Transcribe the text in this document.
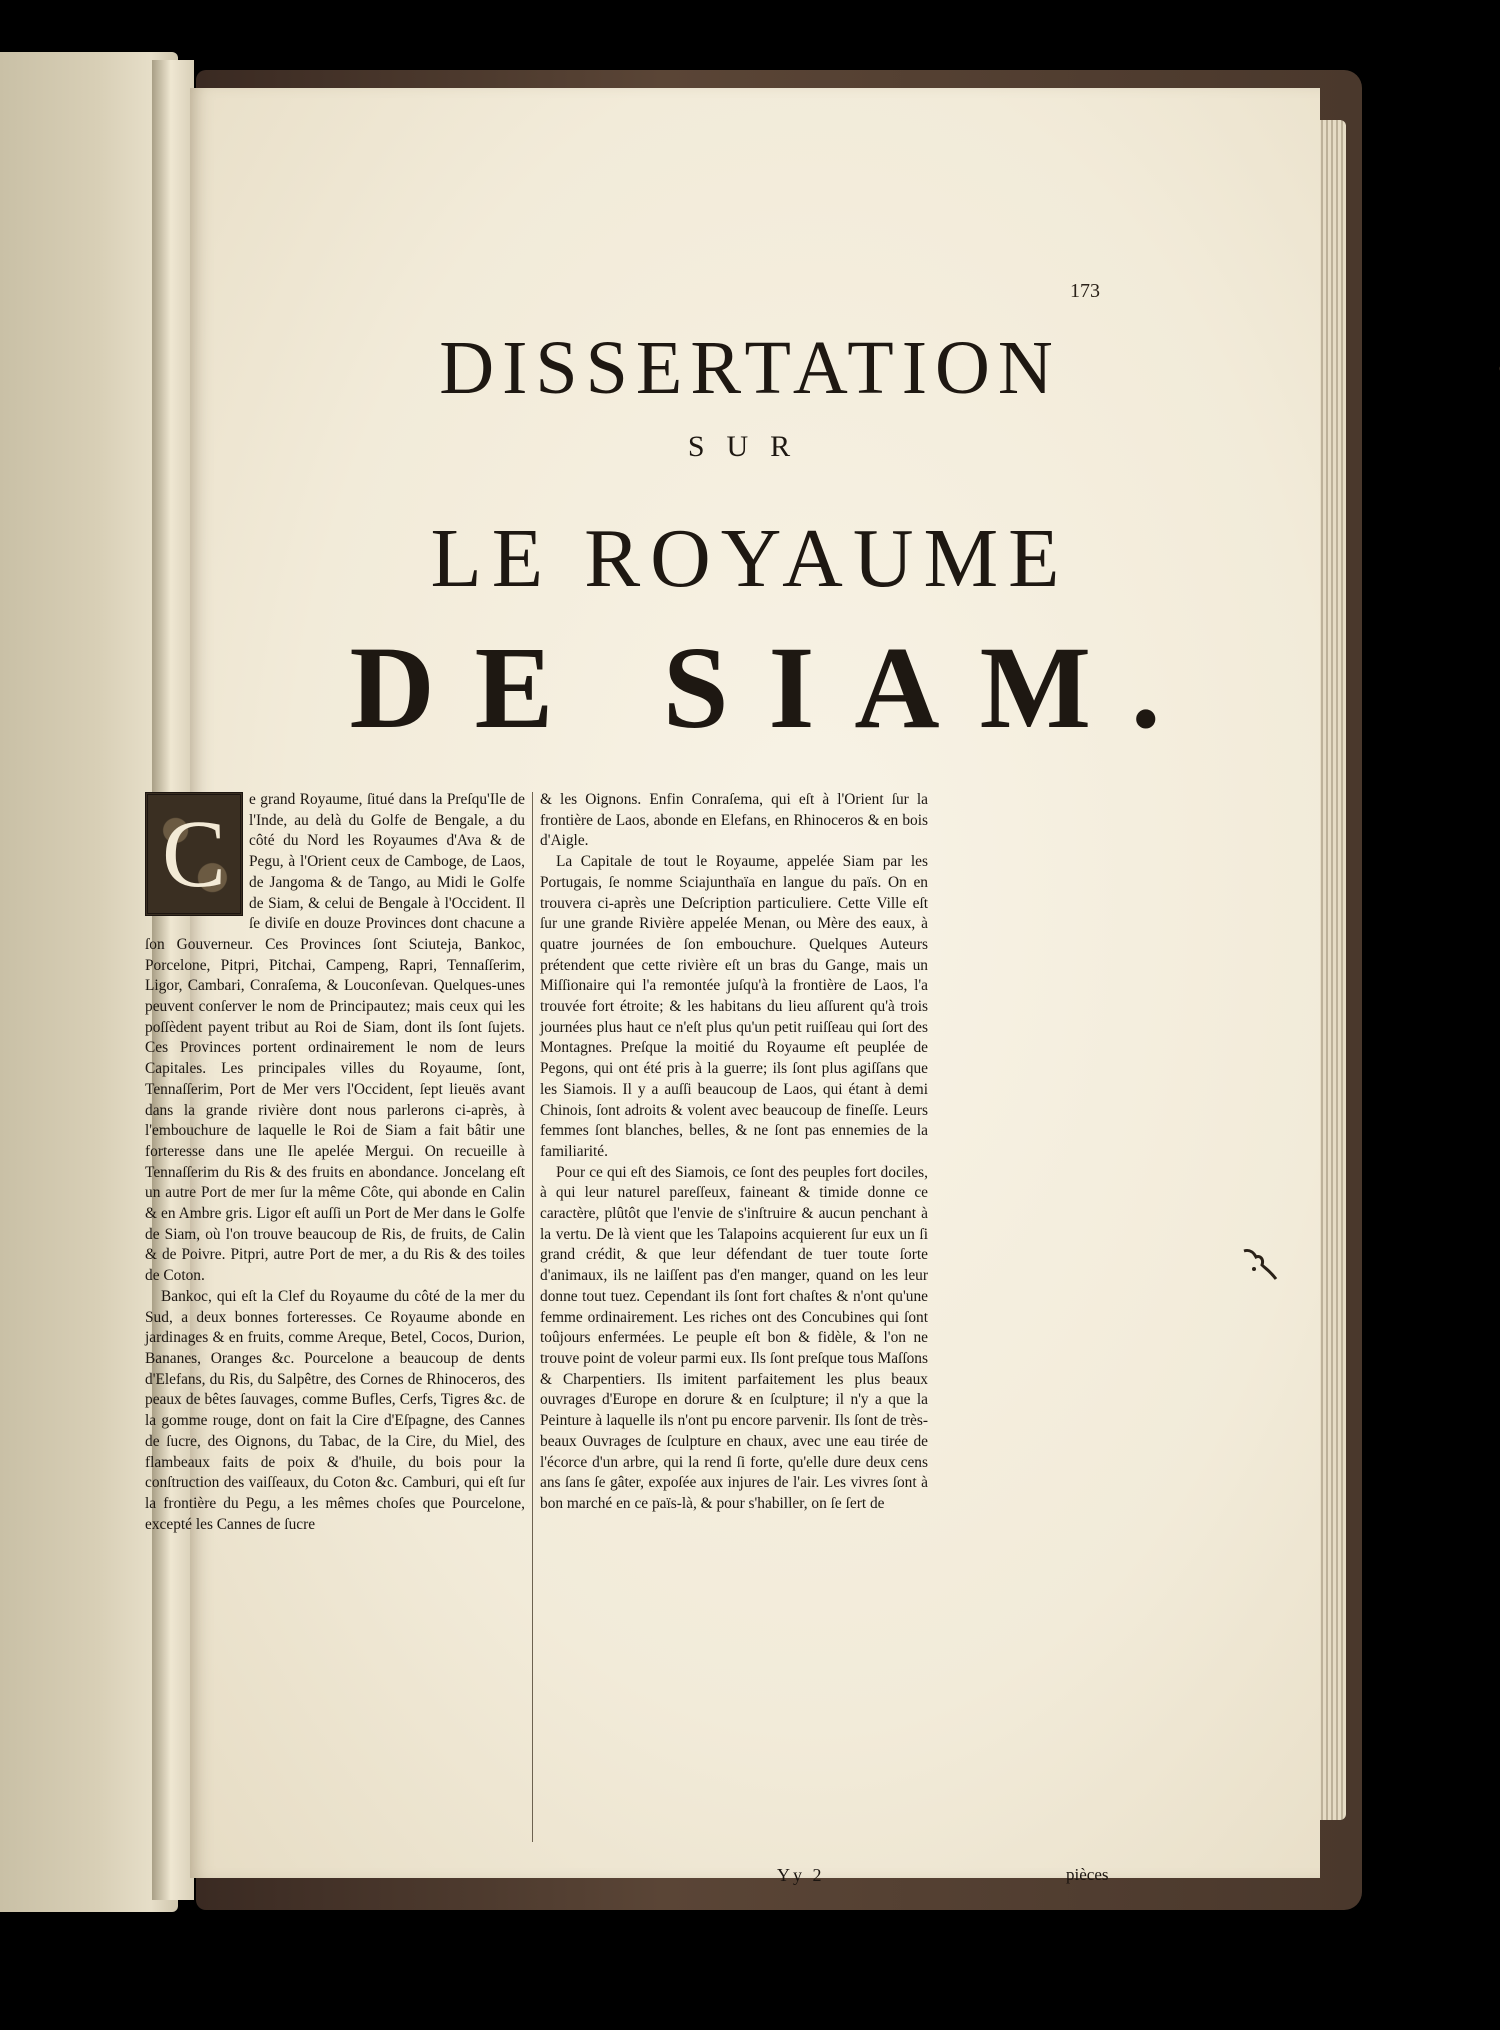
173
DISSERTATION
SUR
LE ROYAUME
DE SIAM.

C
e grand Royaume, ſitué dans la Preſqu'Ile de l'Inde, au delà du Golfe de Bengale, a du côté du Nord les Royaumes d'Ava & de Pegu, à l'Orient ceux de Camboge, de Laos, de Jangoma & de Tango, au Midi le Golfe de Siam, & celui de Bengale à l'Occident. Il ſe diviſe en douze Provinces dont chacune a ſon Gouverneur. Ces Provinces ſont Sciuteja, Bankoc, Porcelone, Pitpri, Pitchai, Campeng, Rapri, Tennaſſerim, Ligor, Cambari, Conraſema, & Louconſevan. Quelques-unes peuvent conſerver le nom de Principautez; mais ceux qui les poſſèdent payent tribut au Roi de Siam, dont ils ſont ſujets. Ces Provinces portent ordinairement le nom de leurs Capitales. Les principales villes du Royaume, ſont, Tennaſſerim, Port de Mer vers l'Occident, ſept lieuës avant dans la grande rivière dont nous parlerons ci-après, à l'embouchure de laquelle le Roi de Siam a fait bâtir une forteresse dans une Ile apelée Mergui. On recueille à Tennaſſerim du Ris & des fruits en abondance. Joncelang eſt un autre Port de mer ſur la même Côte, qui abonde en Calin & en Ambre gris. Ligor eſt auſſi un Port de Mer dans le Golfe de Siam, où l'on trouve beaucoup de Ris, de fruits, de Calin & de Poivre. Pitpri, autre Port de mer, a du Ris & des toiles de Coton.

Bankoc, qui eſt la Clef du Royaume du côté de la mer du Sud, a deux bonnes forteresses. Ce Royaume abonde en jardinages & en fruits, comme Areque, Betel, Cocos, Durion, Bananes, Oranges &c. Pourcelone a beaucoup de dents d'Elefans, du Ris, du Salpêtre, des Cornes de Rhinoceros, des peaux de bêtes ſauvages, comme Bufles, Cerfs, Tigres &c. de la gomme rouge, dont on fait la Cire d'Eſpagne, des Cannes de ſucre, des Oignons, du Tabac, de la Cire, du Miel, des flambeaux faits de poix & d'huile, du bois pour la conſtruction des vaiſſeaux, du Coton &c. Camburi, qui eſt ſur la frontière du Pegu, a les mêmes choſes que Pourcelone, excepté les Cannes de ſucre

& les Oignons. Enfin Conraſema, qui eſt à l'Orient ſur la frontière de Laos, abonde en Elefans, en Rhinoceros & en bois d'Aigle.

La Capitale de tout le Royaume, appelée Siam par les Portugais, ſe nomme Sciajunthaïa en langue du païs. On en trouvera ci-après une Deſcription particuliere. Cette Ville eſt ſur une grande Rivière appelée Menan, ou Mère des eaux, à quatre journées de ſon embouchure. Quelques Auteurs prétendent que cette rivière eſt un bras du Gange, mais un Miſſionaire qui l'a remontée juſqu'à la frontière de Laos, l'a trouvée fort étroite; & les habitans du lieu aſſurent qu'à trois journées plus haut ce n'eſt plus qu'un petit ruiſſeau qui ſort des Montagnes. Preſque la moitié du Royaume eſt peuplée de Pegons, qui ont été pris à la guerre; ils ſont plus agiſſans que les Siamois. Il y a auſſi beaucoup de Laos, qui étant à demi Chinois, ſont adroits & volent avec beaucoup de fineſſe. Leurs femmes ſont blanches, belles, & ne ſont pas ennemies de la familiarité.

Pour ce qui eſt des Siamois, ce ſont des peuples fort dociles, à qui leur naturel pareſſeux, faineant & timide donne ce caractère, plûtôt que l'envie de s'inſtruire & aucun penchant à la vertu. De là vient que les Talapoins acquierent ſur eux un ſi grand crédit, & que leur défendant de tuer toute ſorte d'animaux, ils ne laiſſent pas d'en manger, quand on les leur donne tout tuez. Cependant ils ſont fort chaſtes & n'ont qu'une femme ordinairement. Les riches ont des Concubines qui ſont toûjours enfermées. Le peuple eſt bon & fidèle, & l'on ne trouve point de voleur parmi eux. Ils ſont preſque tous Maſſons & Charpentiers. Ils imitent parfaitement les plus beaux ouvrages d'Europe en dorure & en ſculpture; il n'y a que la Peinture à laquelle ils n'ont pu encore parvenir. Ils ſont de très-beaux Ouvrages de ſculpture en chaux, avec une eau tirée de l'écorce d'un arbre, qui la rend ſi forte, qu'elle dure deux cens ans ſans ſe gâter, expoſée aux injures de l'air. Les vivres ſont à bon marché en ce païs-là, & pour s'habiller, on ſe ſert de

Yy 2	pièces
